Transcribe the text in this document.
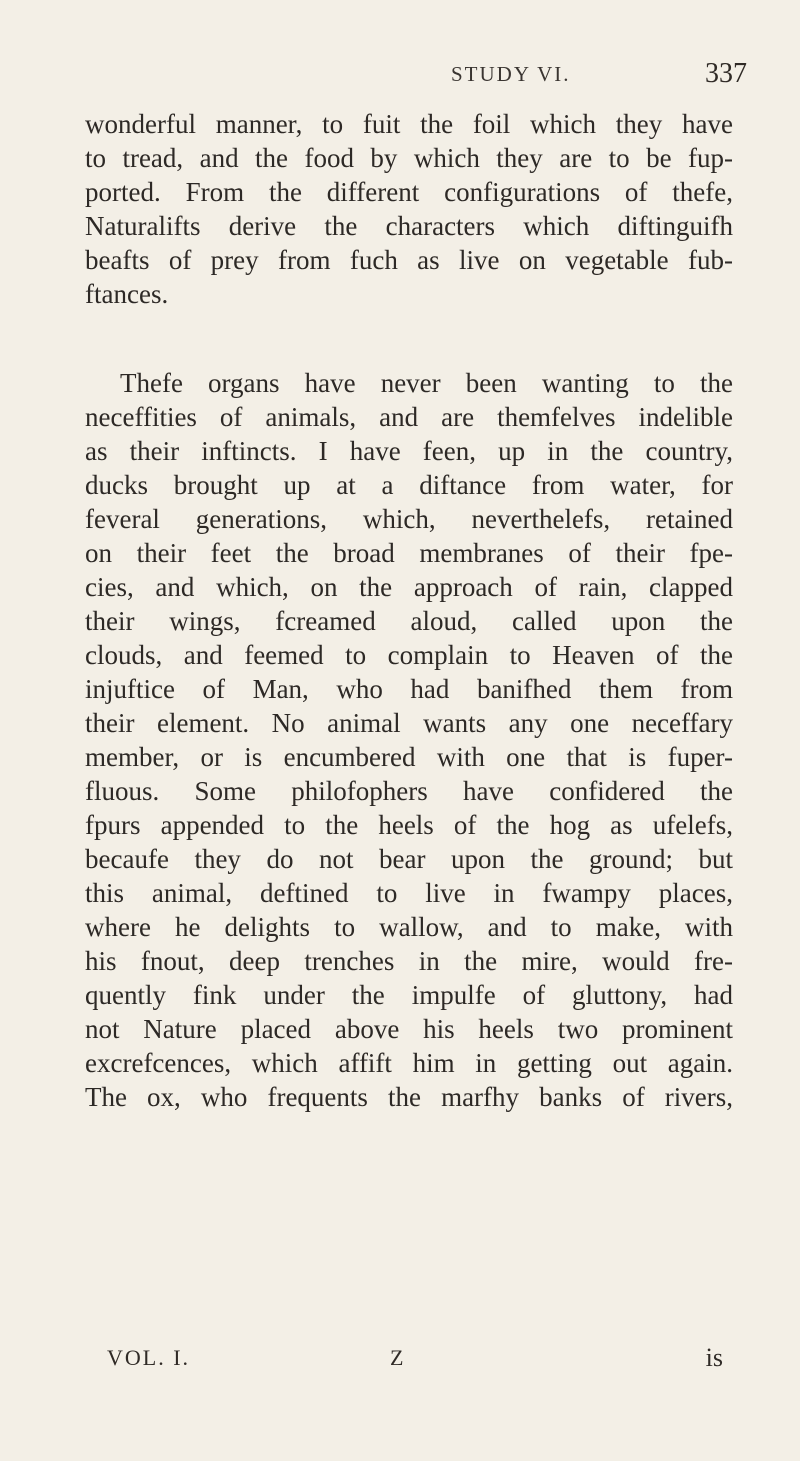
STUDY VI.	337
wonderful manner, to fuit the foil which they have
to tread, and the food by which they are to be fup-
ported. From the different configurations of thefe,
Naturalifts derive the characters which diftinguifh
beafts of prey from fuch as live on vegetable fub-
ftances.
Thefe organs have never been wanting to the
neceffities of animals, and are themfelves indelible
as their inftincts. I have feen, up in the country,
ducks brought up at a diftance from water, for
feveral generations, which, neverthelefs, retained
on their feet the broad membranes of their fpe-
cies, and which, on the approach of rain, clapped
their wings, fcreamed aloud, called upon the
clouds, and feemed to complain to Heaven of the
injuftice of Man, who had banifhed them from
their element. No animal wants any one neceffary
member, or is encumbered with one that is fuper-
fluous. Some philofophers have confidered the
fpurs appended to the heels of the hog as ufelefs,
becaufe they do not bear upon the ground; but
this animal, deftined to live in fwampy places,
where he delights to wallow, and to make, with
his fnout, deep trenches in the mire, would fre-
quently fink under the impulfe of gluttony, had
not Nature placed above his heels two prominent
excrefcences, which affift him in getting out again.
The ox, who frequents the marfhy banks of rivers,
VOL. I.	Z	is
